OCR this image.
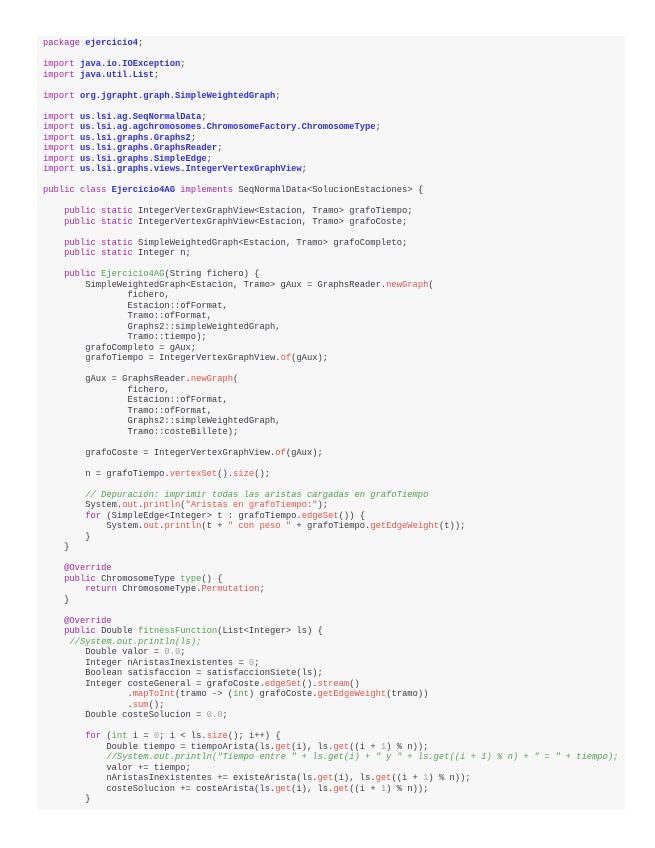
package ejercicio4;
import java.io.IOException;
import java.util.List;
import org.jgrapht.graph.SimpleWeightedGraph;
import us.lsi.ag.SeqNormalData;
import us.lsi.ag.agchromosomes.ChromosomeFactory.ChromosomeType;
import us.lsi.graphs.Graphs2;
import us.lsi.graphs.GraphsReader;
import us.lsi.graphs.SimpleEdge;
import us.lsi.graphs.views.IntegerVertexGraphView;
public class Ejercicio4AG implements SeqNormalData<SolucionEstaciones> {
public static IntegerVertexGraphView<Estacion, Tramo> grafoTiempo;
public static IntegerVertexGraphView<Estacion, Tramo> grafoCoste;
public static SimpleWeightedGraph<Estacion, Tramo> grafoCompleto;
public static Integer n;
public Ejercicio4AG(String fichero) {
SimpleWeightedGraph<Estacion, Tramo> gAux = GraphsReader.newGraph(
fichero,
Estacion::ofFormat,
Tramo::ofFormat,
Graphs2::simpleWeightedGraph,
Tramo::tiempo);
grafoCompleto = gAux;
grafoTiempo = IntegerVertexGraphView.of(gAux);
gAux = GraphsReader.newGraph(
fichero,
Estacion::ofFormat,
Tramo::ofFormat,
Graphs2::simpleWeightedGraph,
Tramo::costeBillete);
grafoCoste = IntegerVertexGraphView.of(gAux);
n = grafoTiempo.vertexSet().size();
// Depuración: imprimir todas las aristas cargadas en grafoTiempo
System.out.println("Aristas en grafoTiempo:");
for (SimpleEdge<Integer> t : grafoTiempo.edgeSet()) {
System.out.println(t + " con peso " + grafoTiempo.getEdgeWeight(t));
}
}
@Override
public ChromosomeType type() {
return ChromosomeType.Permutation;
}
@Override
public Double fitnessFunction(List<Integer> ls) {
//System.out.println(ls);
Double valor = 0.0;
Integer nAristasInexistentes = 0;
Boolean satisfaccion = satisfaccionSiete(ls);
Integer costeGeneral = grafoCoste.edgeSet().stream()
.mapToInt(tramo -> (int) grafoCoste.getEdgeWeight(tramo))
.sum();
Double costeSolucion = 0.0;
for (int i = 0; i < ls.size(); i++) {
Double tiempo = tiempoArista(ls.get(i), ls.get((i + 1) % n));
//System.out.println("Tiempo entre " + ls.get(i) + " y " + ls.get((i + 1) % n) + " = " + tiempo);
valor += tiempo;
nAristasInexistentes += existeArista(ls.get(i), ls.get((i + 1) % n));
costeSolucion += costeArista(ls.get(i), ls.get((i + 1) % n));
}
